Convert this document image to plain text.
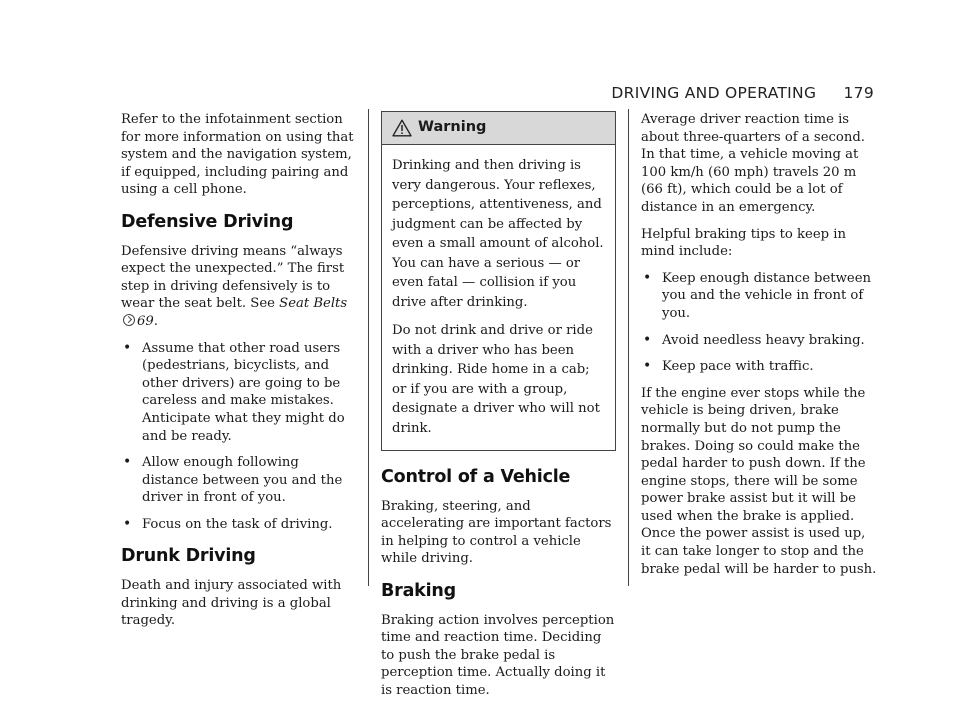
DRIVING AND OPERATING 179

Refer to the infotainment section for more information on using that system and the navigation system, if equipped, including pairing and using a cell phone.

Defensive Driving

Defensive driving means “always expect the unexpected.” The first step in driving defensively is to wear the seat belt. See Seat Belts69.

• Assume that other road users (pedestrians, bicyclists, and other drivers) are going to be careless and make mistakes. Anticipate what they might do and be ready.
• Allow enough following distance between you and the driver in front of you.
• Focus on the task of driving.
Drunk Driving

Death and injury associated with drinking and driving is a global tragedy.

Warning

Drinking and then driving is very dangerous. Your reflexes, perceptions, attentiveness, and judgment can be affected by even a small amount of alcohol. You can have a serious — or even fatal — collision if you drive after drinking.

Do not drink and drive or ride with a driver who has been drinking. Ride home in a cab; or if you are with a group, designate a driver who will not drink.

Control of a Vehicle

Braking, steering, and accelerating are important factors in helping to control a vehicle while driving.

Braking

Braking action involves perception time and reaction time. Deciding to push the brake pedal is perception time. Actually doing it is reaction time.

Average driver reaction time is about three-quarters of a second. In that time, a vehicle moving at 100 km/h (60 mph) travels 20 m (66 ft), which could be a lot of distance in an emergency.

Helpful braking tips to keep in mind include:

• Keep enough distance between you and the vehicle in front of you.
• Avoid needless heavy braking.
• Keep pace with traffic.

If the engine ever stops while the vehicle is being driven, brake normally but do not pump the brakes. Doing so could make the pedal harder to push down. If the engine stops, there will be some power brake assist but it will be used when the brake is applied. Once the power assist is used up, it can take longer to stop and the brake pedal will be harder to push.
